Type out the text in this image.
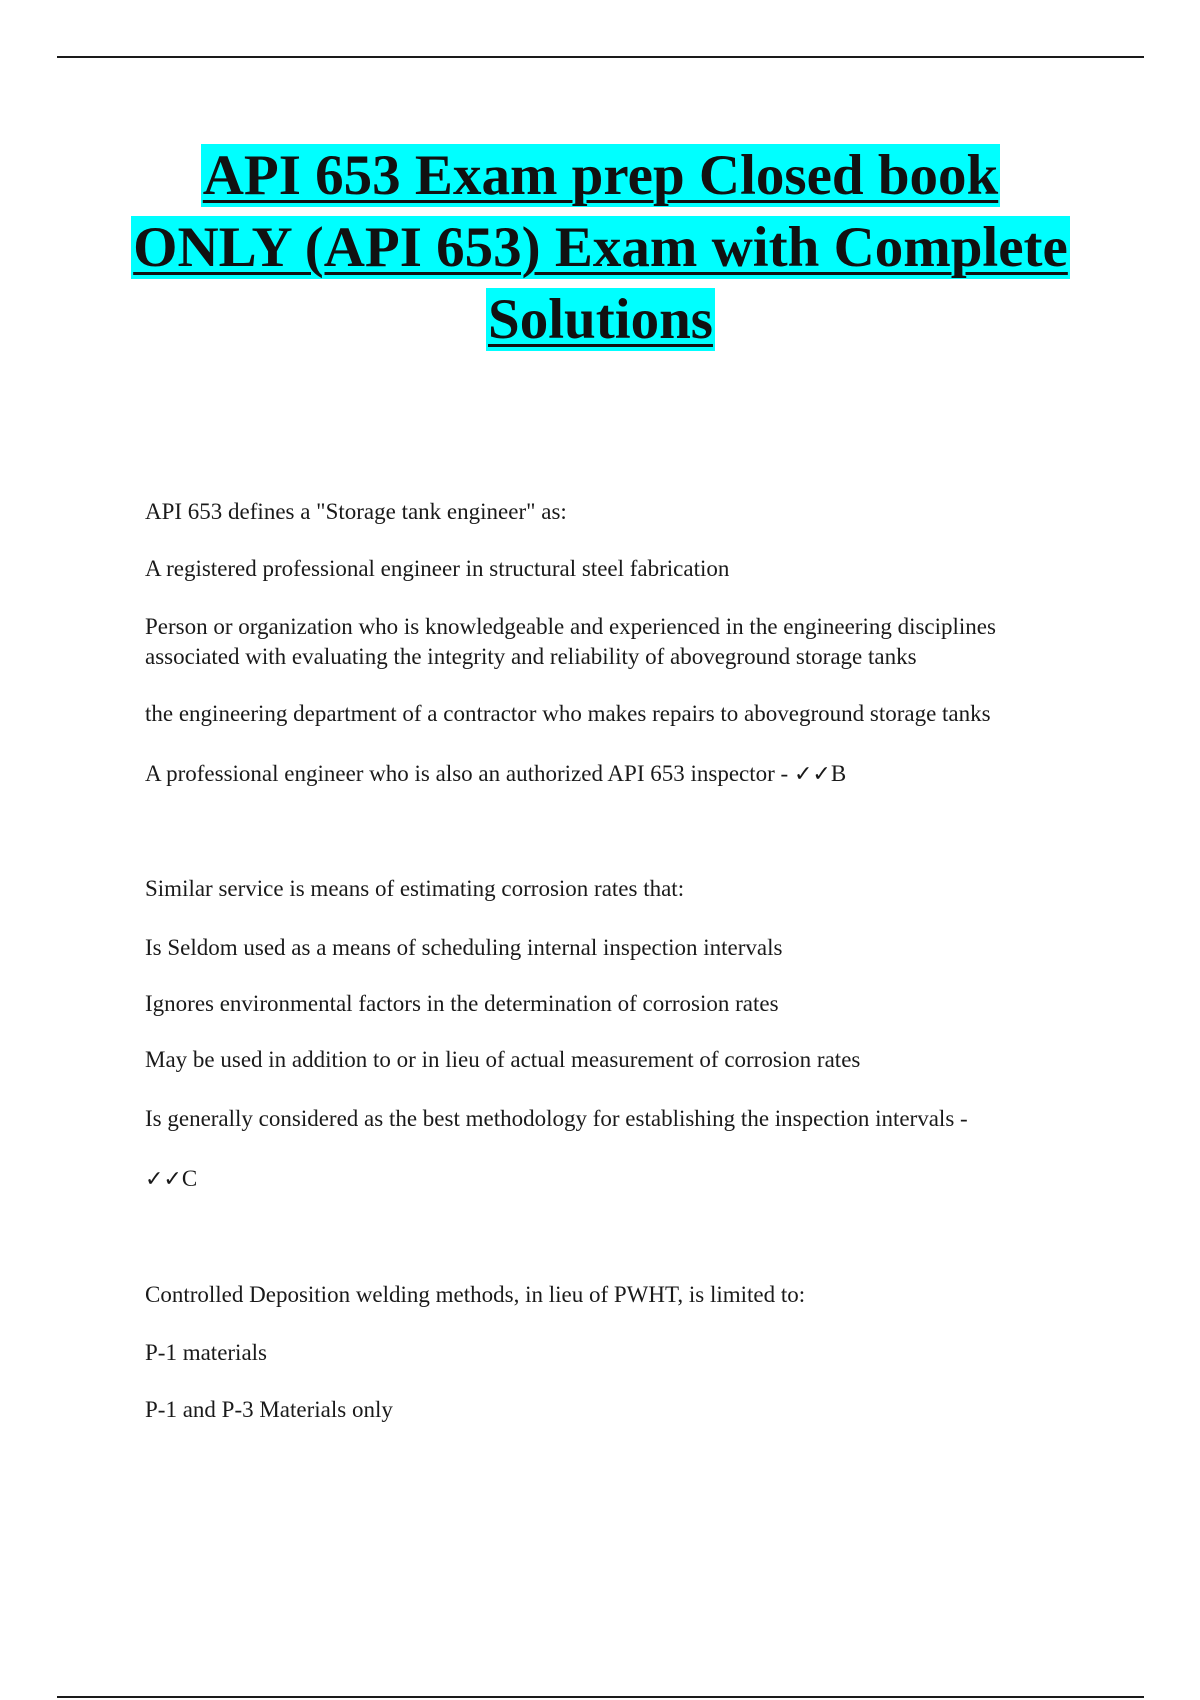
API 653 Exam prep Closed book
ONLY (API 653) Exam with Complete
Solutions
API 653 defines a "Storage tank engineer" as:
A registered professional engineer in structural steel fabrication
Person or organization who is knowledgeable and experienced in the engineering disciplines associated with evaluating the integrity and reliability of aboveground storage tanks
the engineering department of a contractor who makes repairs to aboveground storage tanks
A professional engineer who is also an authorized API 653 inspector - ✓✓B
Similar service is means of estimating corrosion rates that:
Is Seldom used as a means of scheduling internal inspection intervals
Ignores environmental factors in the determination of corrosion rates
May be used in addition to or in lieu of actual measurement of corrosion rates
Is generally considered as the best methodology for establishing the inspection intervals -
✓✓C
Controlled Deposition welding methods, in lieu of PWHT, is limited to:
P-1 materials
P-1 and P-3 Materials only
